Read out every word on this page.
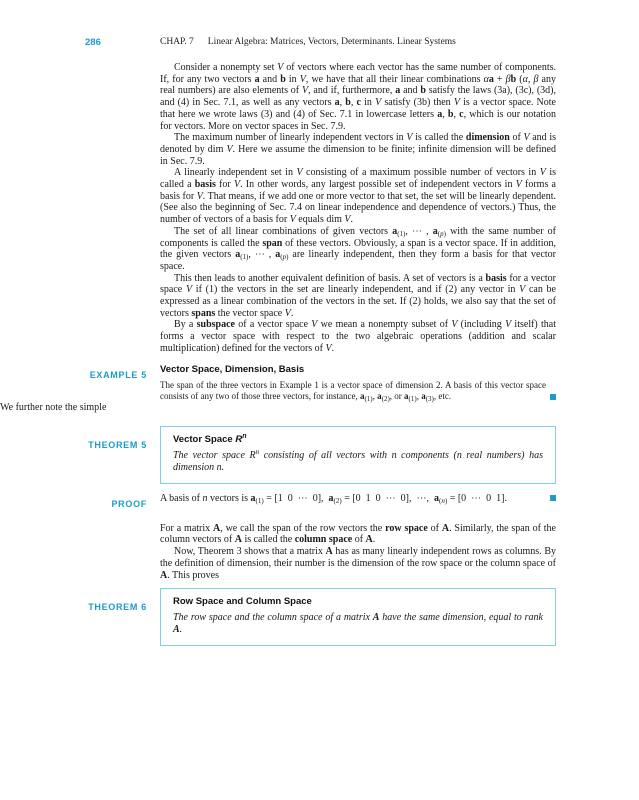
286	CHAP. 7 Linear Algebra: Matrices, Vectors, Determinants. Linear Systems

Consider a nonempty set V of vectors where each vector has the same number of components. If, for any two vectors a and b in V, we have that all their linear combinations αa + βb (α, β any real numbers) are also elements of V, and if, furthermore, a and b satisfy the laws (3a), (3c), (3d), and (4) in Sec. 7.1, as well as any vectors a, b, c in V satisfy (3b) then V is a vector space. Note that here we wrote laws (3) and (4) of Sec. 7.1 in lowercase letters a, b, c, which is our notation for vectors. More on vector spaces in Sec. 7.9.

The maximum number of linearly independent vectors in V is called the dimension of V and is denoted by dim V. Here we assume the dimension to be finite; infinite dimension will be defined in Sec. 7.9.

A linearly independent set in V consisting of a maximum possible number of vectors in V is called a basis for V. In other words, any largest possible set of independent vectors in V forms a basis for V. That means, if we add one or more vector to that set, the set will be linearly dependent. (See also the beginning of Sec. 7.4 on linear independence and dependence of vectors.) Thus, the number of vectors of a basis for V equals dim V.

The set of all linear combinations of given vectors $a_{(1)}$, ⋯ , $a_{(p)}$ with the same number of components is called the span of these vectors. Obviously, a span is a vector space. If in addition, the given vectors $a_{(1)}$, ⋯ , $a_{(p)}$ are linearly independent, then they form a basis for that vector space.

This then leads to another equivalent definition of basis. A set of vectors is a basis for a vector space V if (1) the vectors in the set are linearly independent, and if (2) any vector in V can be expressed as a linear combination of the vectors in the set. If (2) holds, we also say that the set of vectors spans the vector space V.

By a subspace of a vector space V we mean a nonempty subset of V (including V itself) that forms a vector space with respect to the two algebraic operations (addition and scalar multiplication) defined for the vectors of V.

EXAMPLE 5	Vector Space, Dimension, Basis
The span of the three vectors in Example 1 is a vector space of dimension 2. A basis of this vector space consists of any two of those three vectors, for instance, $a_{(1)}$, $a_{(2)}$, or $a_{(1)}$, $a_{(3)}$, etc.

We further note the simple

THEOREM 5	Vector Space $R^n$
The vector space $R^n$ consisting of all vectors with n components (n real numbers) has dimension n.
PROOF	A basis of n vectors is $a_{(1)} = [1$  0  ⋯  0],  $a_{(2)} = [0$  1  0  ⋯  0],  ⋯,  $a_{(n)} = [0$  ⋯  0  1].

For a matrix A, we call the span of the row vectors the row space of A. Similarly, the span of the column vectors of A is called the column space of A.

Now, Theorem 3 shows that a matrix A has as many linearly independent rows as columns. By the definition of dimension, their number is the dimension of the row space or the column space of A. This proves

THEOREM 6	Row Space and Column Space
The row space and the column space of a matrix A have the same dimension, equal to rank A.
